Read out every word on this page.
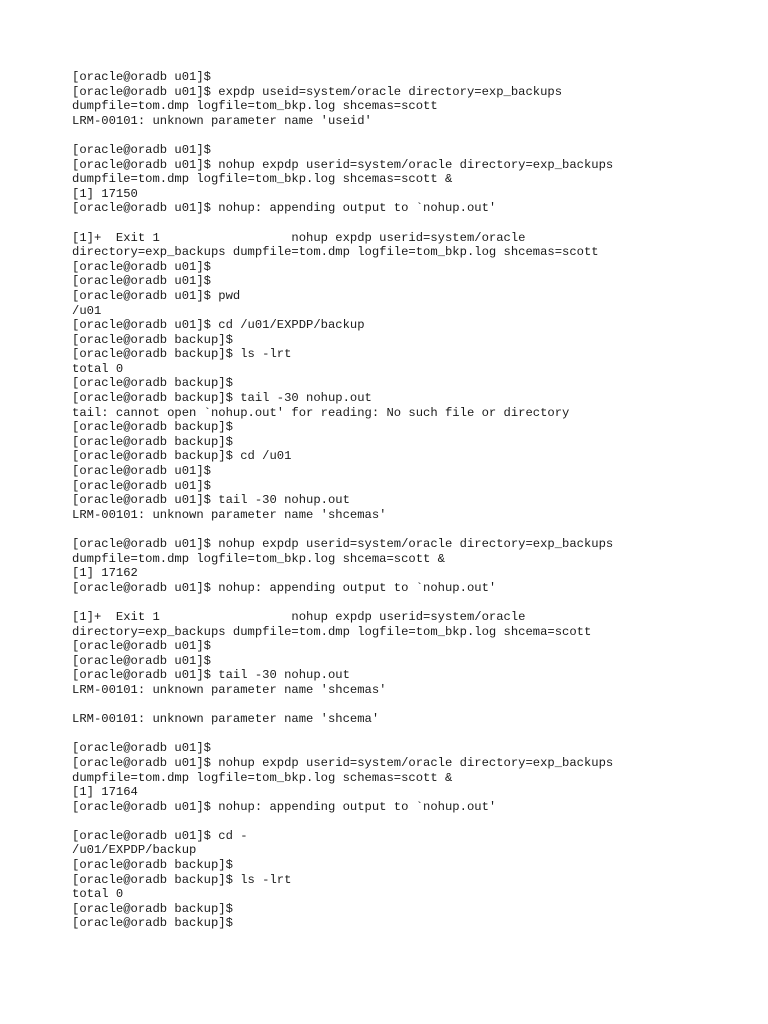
[oracle@oradb u01]$
[oracle@oradb u01]$ expdp useid=system/oracle directory=exp_backups
dumpfile=tom.dmp logfile=tom_bkp.log shcemas=scott
LRM-00101: unknown parameter name 'useid'
[oracle@oradb u01]$
[oracle@oradb u01]$ nohup expdp userid=system/oracle directory=exp_backups
dumpfile=tom.dmp logfile=tom_bkp.log shcemas=scott &
[1] 17150
[oracle@oradb u01]$ nohup: appending output to `nohup.out'
[1]+  Exit 1                  nohup expdp userid=system/oracle
directory=exp_backups dumpfile=tom.dmp logfile=tom_bkp.log shcemas=scott
[oracle@oradb u01]$
[oracle@oradb u01]$
[oracle@oradb u01]$ pwd
/u01
[oracle@oradb u01]$ cd /u01/EXPDP/backup
[oracle@oradb backup]$
[oracle@oradb backup]$ ls -lrt
total 0
[oracle@oradb backup]$
[oracle@oradb backup]$ tail -30 nohup.out
tail: cannot open `nohup.out' for reading: No such file or directory
[oracle@oradb backup]$
[oracle@oradb backup]$
[oracle@oradb backup]$ cd /u01
[oracle@oradb u01]$
[oracle@oradb u01]$
[oracle@oradb u01]$ tail -30 nohup.out
LRM-00101: unknown parameter name 'shcemas'
[oracle@oradb u01]$ nohup expdp userid=system/oracle directory=exp_backups
dumpfile=tom.dmp logfile=tom_bkp.log shcema=scott &
[1] 17162
[oracle@oradb u01]$ nohup: appending output to `nohup.out'
[1]+  Exit 1                  nohup expdp userid=system/oracle
directory=exp_backups dumpfile=tom.dmp logfile=tom_bkp.log shcema=scott
[oracle@oradb u01]$
[oracle@oradb u01]$
[oracle@oradb u01]$ tail -30 nohup.out
LRM-00101: unknown parameter name 'shcemas'
LRM-00101: unknown parameter name 'shcema'
[oracle@oradb u01]$
[oracle@oradb u01]$ nohup expdp userid=system/oracle directory=exp_backups
dumpfile=tom.dmp logfile=tom_bkp.log schemas=scott &
[1] 17164
[oracle@oradb u01]$ nohup: appending output to `nohup.out'
[oracle@oradb u01]$ cd -
/u01/EXPDP/backup
[oracle@oradb backup]$
[oracle@oradb backup]$ ls -lrt
total 0
[oracle@oradb backup]$
[oracle@oradb backup]$
